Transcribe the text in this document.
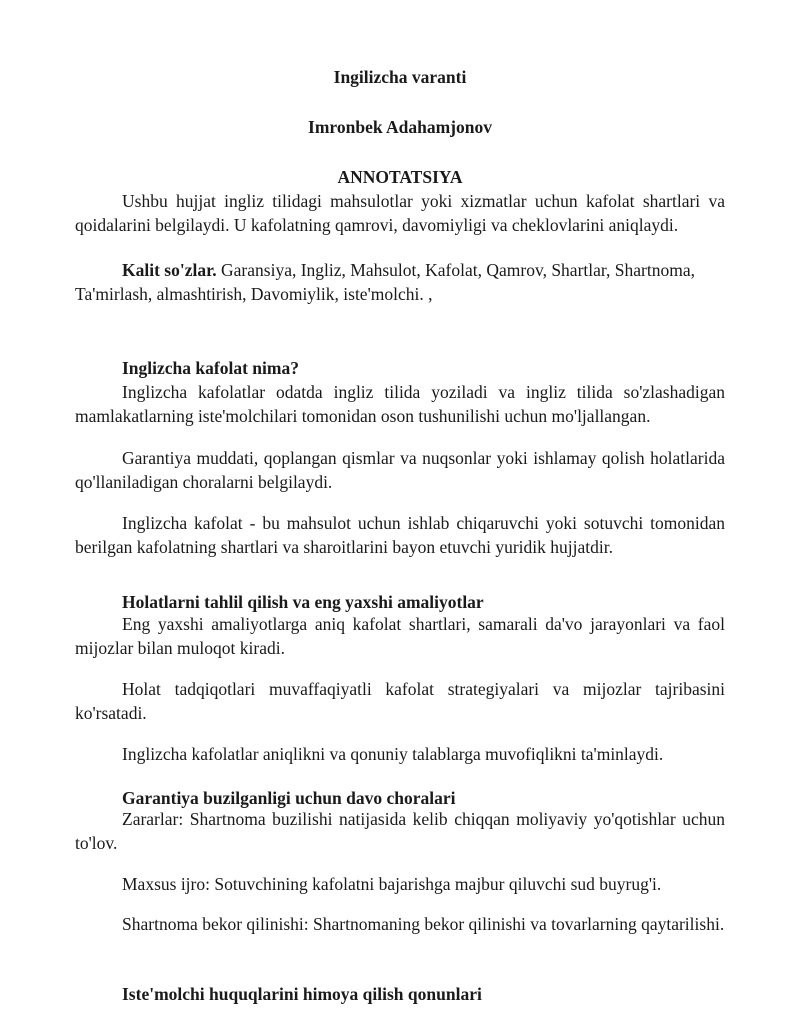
Ingilizcha varanti

Imronbek Adahamjonov

ANNOTATSIYA

Ushbu hujjat ingliz tilidagi mahsulotlar yoki xizmatlar uchun kafolat shartlari va qoidalarini belgilaydi. U kafolatning qamrovi, davomiyligi va cheklovlarini aniqlaydi.

Kalit so'zlar. Garansiya, Ingliz, Mahsulot, Kafolat, Qamrov, Shartlar, Shartnoma, Ta'mirlash, almashtirish, Davomiylik, iste'molchi. ,

Inglizcha kafolat nima?

Inglizcha kafolatlar odatda ingliz tilida yoziladi va ingliz tilida so'zlashadigan mamlakatlarning iste'molchilari tomonidan oson tushunilishi uchun mo'ljallangan.

Garantiya muddati, qoplangan qismlar va nuqsonlar yoki ishlamay qolish holatlarida qo'llaniladigan choralarni belgilaydi.

Inglizcha kafolat - bu mahsulot uchun ishlab chiqaruvchi yoki sotuvchi tomonidan berilgan kafolatning shartlari va sharoitlarini bayon etuvchi yuridik hujjatdir.

Holatlarni tahlil qilish va eng yaxshi amaliyotlar

Eng yaxshi amaliyotlarga aniq kafolat shartlari, samarali da'vo jarayonlari va faol mijozlar bilan muloqot kiradi.

Holat tadqiqotlari muvaffaqiyatli kafolat strategiyalari va mijozlar tajribasini ko'rsatadi.

Inglizcha kafolatlar aniqlikni va qonuniy talablarga muvofiqlikni ta'minlaydi.

Garantiya buzilganligi uchun davo choralari

Zararlar: Shartnoma buzilishi natijasida kelib chiqqan moliyaviy yo'qotishlar uchun to'lov.

Maxsus ijro: Sotuvchining kafolatni bajarishga majbur qiluvchi sud buyrug'i.

Shartnoma bekor qilinishi: Shartnomaning bekor qilinishi va tovarlarning qaytarilishi.

Iste'molchi huquqlarini himoya qilish qonunlari
